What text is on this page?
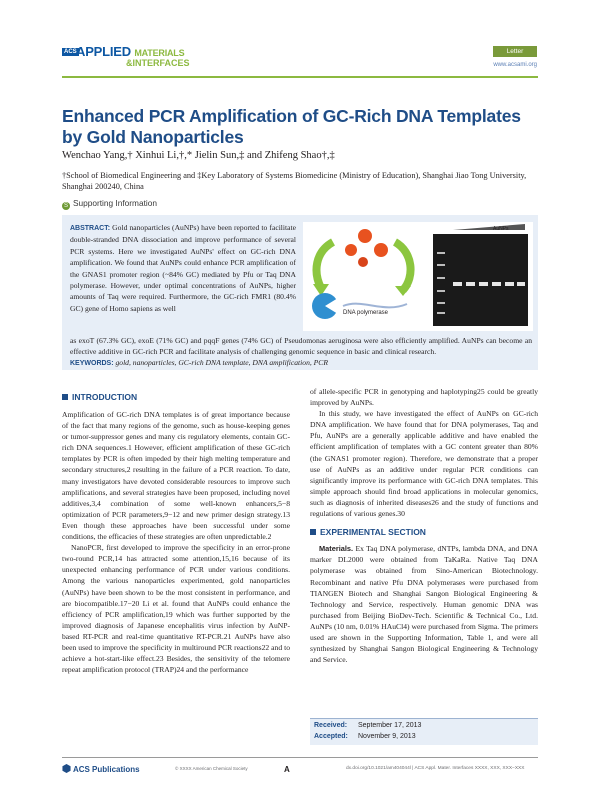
ACS APPLIED MATERIALS
&INTERFACES
Letter
www.acsami.org
Enhanced PCR Amplification of GC-Rich DNA Templates by Gold Nanoparticles
Wenchao Yang,† Xinhui Li,†,* Jielin Sun,‡ and Zhifeng Shao†,‡
†School of Biomedical Engineering and ‡Key Laboratory of Systems Biomedicine (Ministry of Education), Shanghai Jiao Tong University, Shanghai 200240, China
S Supporting Information
ABSTRACT: Gold nanoparticles (AuNPs) have been reported to facilitate double-stranded DNA dissociation and improve performance of several PCR systems. Here we investigated AuNPs' effect on GC-rich DNA amplification. We found that AuNPs could enhance PCR amplification of the GNAS1 promoter region (~84% GC) mediated by Pfu or Taq DNA polymerase. However, under optimal concentrations of AuNPs, higher amounts of Taq were required. Furthermore, the GC-rich FMR1 (80.4% GC) gene of Homo sapiens as well
as exoT (67.3% GC), exoE (71% GC) and pqqF genes (74% GC) of Pseudomonas aeruginosa were also efficiently amplified. AuNPs can become an effective additive in GC-rich PCR and facilitate analysis of challenging genomic sequence in basic and clinical research.
KEYWORDS: gold, nanoparticles, GC-rich DNA template, DNA amplification, PCR
DNA polymerase
AuNPs
INTRODUCTION

Amplification of GC-rich DNA templates is of great importance because of the fact that many regions of the genome, such as house-keeping genes or tumor-suppressor genes and many cis regulatory elements, contain GC-rich DNA sequences.1 However, efficient amplification of these GC-rich templates by PCR is often impeded by their high melting temperature and secondary structures,2 resulting in the failure of a PCR reaction. To date, many investigators have devoted considerable resources to improve such amplifications, and several strategies have been proposed, including novel additives,3,4 combination of some well-known enhancers,5−8 optimization of PCR parameters,9−12 and new primer design strategy.13 Even though these approaches have been successful under some conditions, the efficacies of these strategies are often unpredictable.2

NanoPCR, first developed to improve the specificity in an error-prone two-round PCR,14 has attracted some attention,15,16 because of its unexpected enhancing performance of PCR under various conditions. Among the various nanoparticles experimented, gold nanoparticles (AuNPs) have been shown to be the most consistent in performance, and are biocompatible.17−20 Li et al. found that AuNPs could enhance the efficiency of PCR amplification,19 which was further supported by the improved diagnosis of Japanese encephalitis virus infection by AuNP-based RT-PCR and real-time quantitative RT-PCR.21 AuNPs have also been used to improve the specificity in multiround PCR reactions22 and to achieve a hot-start-like effect.23 Besides, the sensitivity of the telomere repeat amplification protocol (TRAP)24 and the performance

of allele-specific PCR in genotyping and haplotyping25 could be greatly improved by AuNPs.

In this study, we have investigated the effect of AuNPs on GC-rich DNA amplification. We have found that for DNA polymerases, Taq and Pfu, AuNPs are a generally applicable additive and have enabled the efficient amplification of templates with a GC content greater than 80% (the GNAS1 promoter region). Therefore, we demonstrate that a proper use of AuNPs as an additive under regular PCR conditions can significantly improve its performance with GC-rich DNA templates. This simple approach should find broad applications in molecular genomics, such as diagnosis of inherited diseases26 and the study of functions and regulations of various genes.30

EXPERIMENTAL SECTION

Materials. Ex Taq DNA polymerase, dNTPs, lambda DNA, and DNA marker DL2000 were obtained from TaKaRa. Native Taq DNA polymerase was obtained from Sino-American Biotechnology. Recombinant and native Pfu DNA polymerases were purchased from TIANGEN Biotech and Shanghai Sangon Biological Engineering & Technology and Service, respectively. Human genomic DNA was purchased from Beijing BioDev-Tech. Scientific & Technical Co., Ltd. AuNPs (10 nm, 0.01% HAuCl4) were purchased from Sigma. The primers used are shown in the Supporting Information, Table 1, and were all synthesized by Shanghai Sangon Biological Engineering & Technology and Service.

Received: September 17, 2013
Accepted: November 9, 2013
ACS Publications	© XXXX American Chemical Society	A	dx.doi.org/10.1021/am404044l | ACS Appl. Mater. Interfaces XXXX, XXX, XXX−XXX
